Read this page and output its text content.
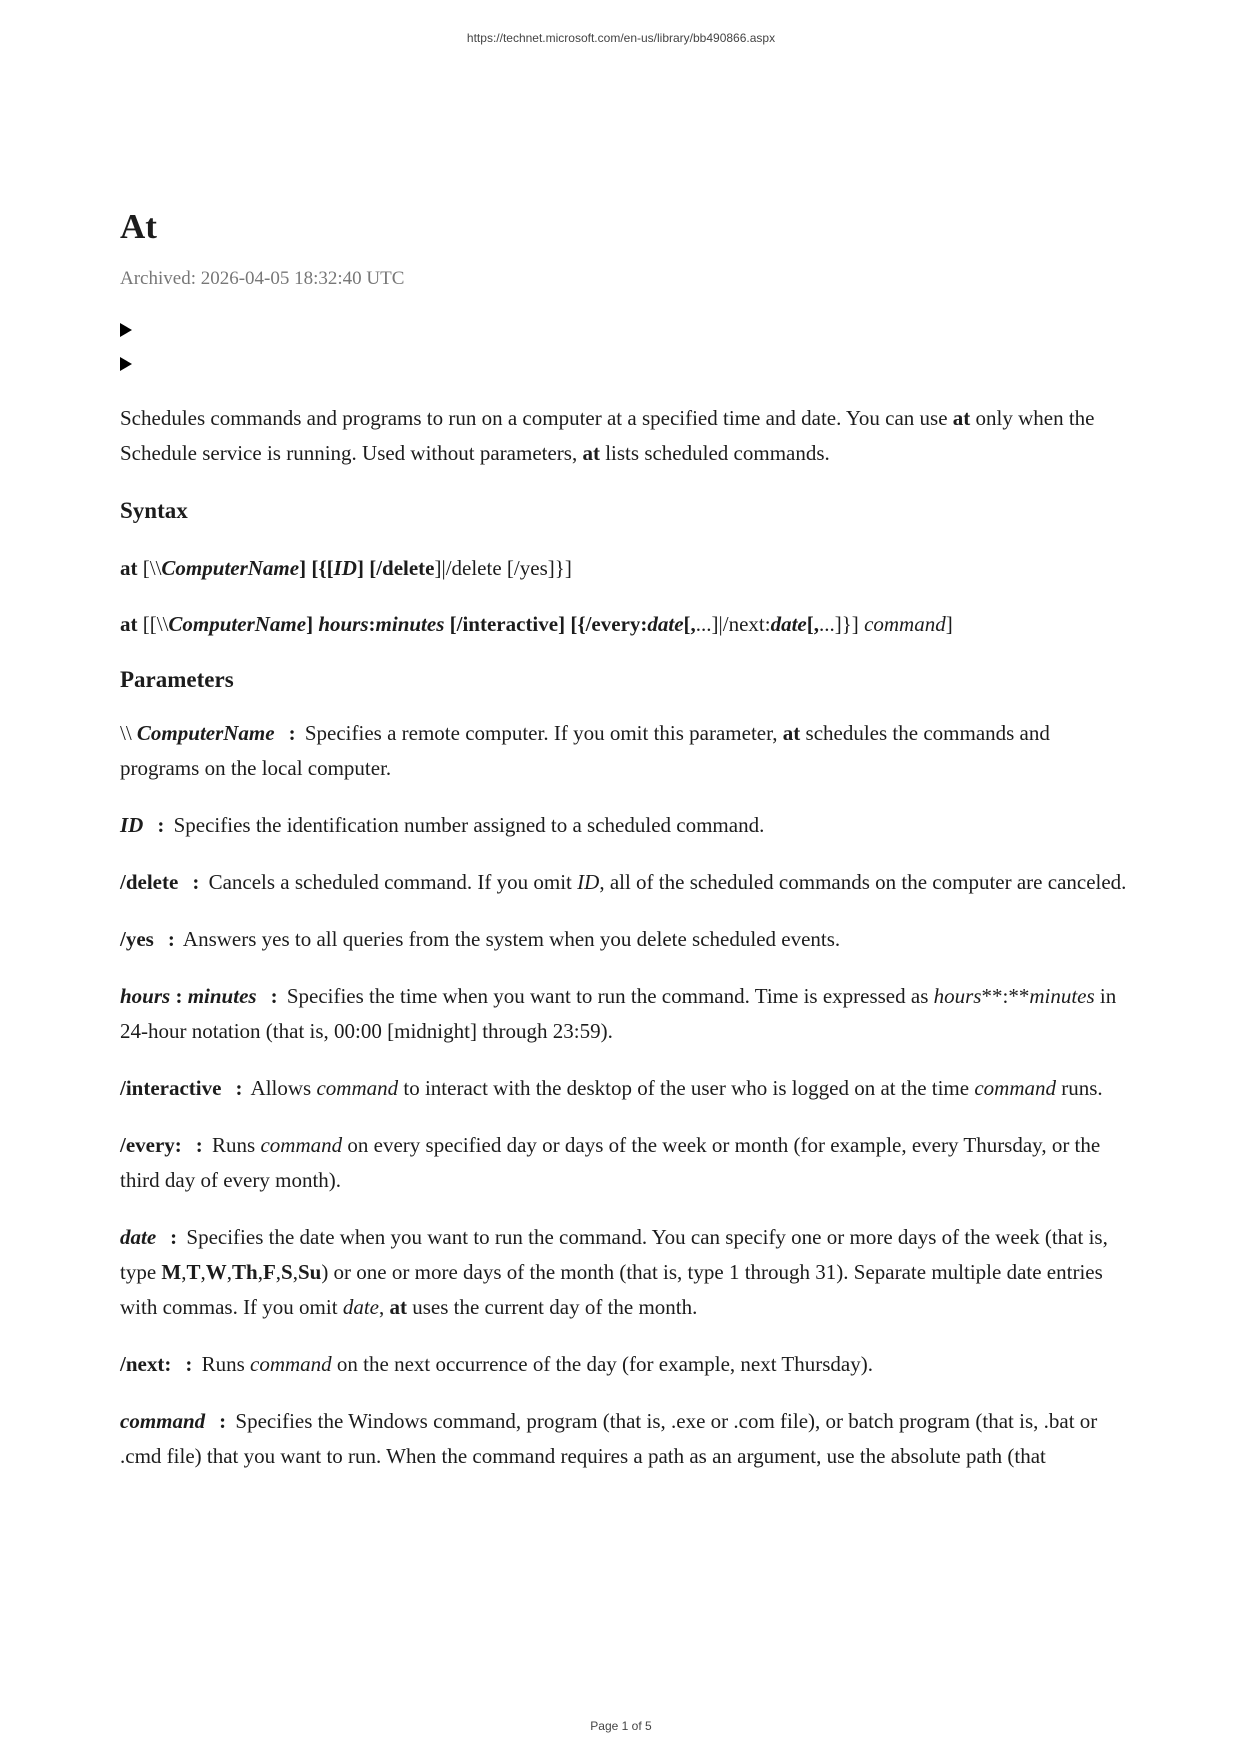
https://technet.microsoft.com/en-us/library/bb490866.aspx
At
Archived: 2026-04-05 18:32:40 UTC

Schedules commands and programs to run on a computer at a specified time and date. You can use at only when the Schedule service is running. Used without parameters, at lists scheduled commands.

Syntax

at [\\ComputerName] [{[ID] [/delete]|/delete [/yes]}]

at [[\\ComputerName] hours:minutes [/interactive] [{/every:date[,...]|/next:date[,...]}] command]

Parameters

\\ ComputerName : Specifies a remote computer. If you omit this parameter, at schedules the commands and programs on the local computer.

ID : Specifies the identification number assigned to a scheduled command.

/delete : Cancels a scheduled command. If you omit ID, all of the scheduled commands on the computer are canceled.

/yes : Answers yes to all queries from the system when you delete scheduled events.

hours : minutes : Specifies the time when you want to run the command. Time is expressed as hours**:**minutes in 24-hour notation (that is, 00:00 [midnight] through 23:59).

/interactive : Allows command to interact with the desktop of the user who is logged on at the time command runs.

/every: : Runs command on every specified day or days of the week or month (for example, every Thursday, or the third day of every month).

date : Specifies the date when you want to run the command. You can specify one or more days of the week (that is, type M,T,W,Th,F,S,Su) or one or more days of the month (that is, type 1 through 31). Separate multiple date entries with commas. If you omit date, at uses the current day of the month.

/next: : Runs command on the next occurrence of the day (for example, next Thursday).

command : Specifies the Windows command, program (that is, .exe or .com file), or batch program (that is, .bat or .cmd file) that you want to run. When the command requires a path as an argument, use the absolute path (that

Page 1 of 5
